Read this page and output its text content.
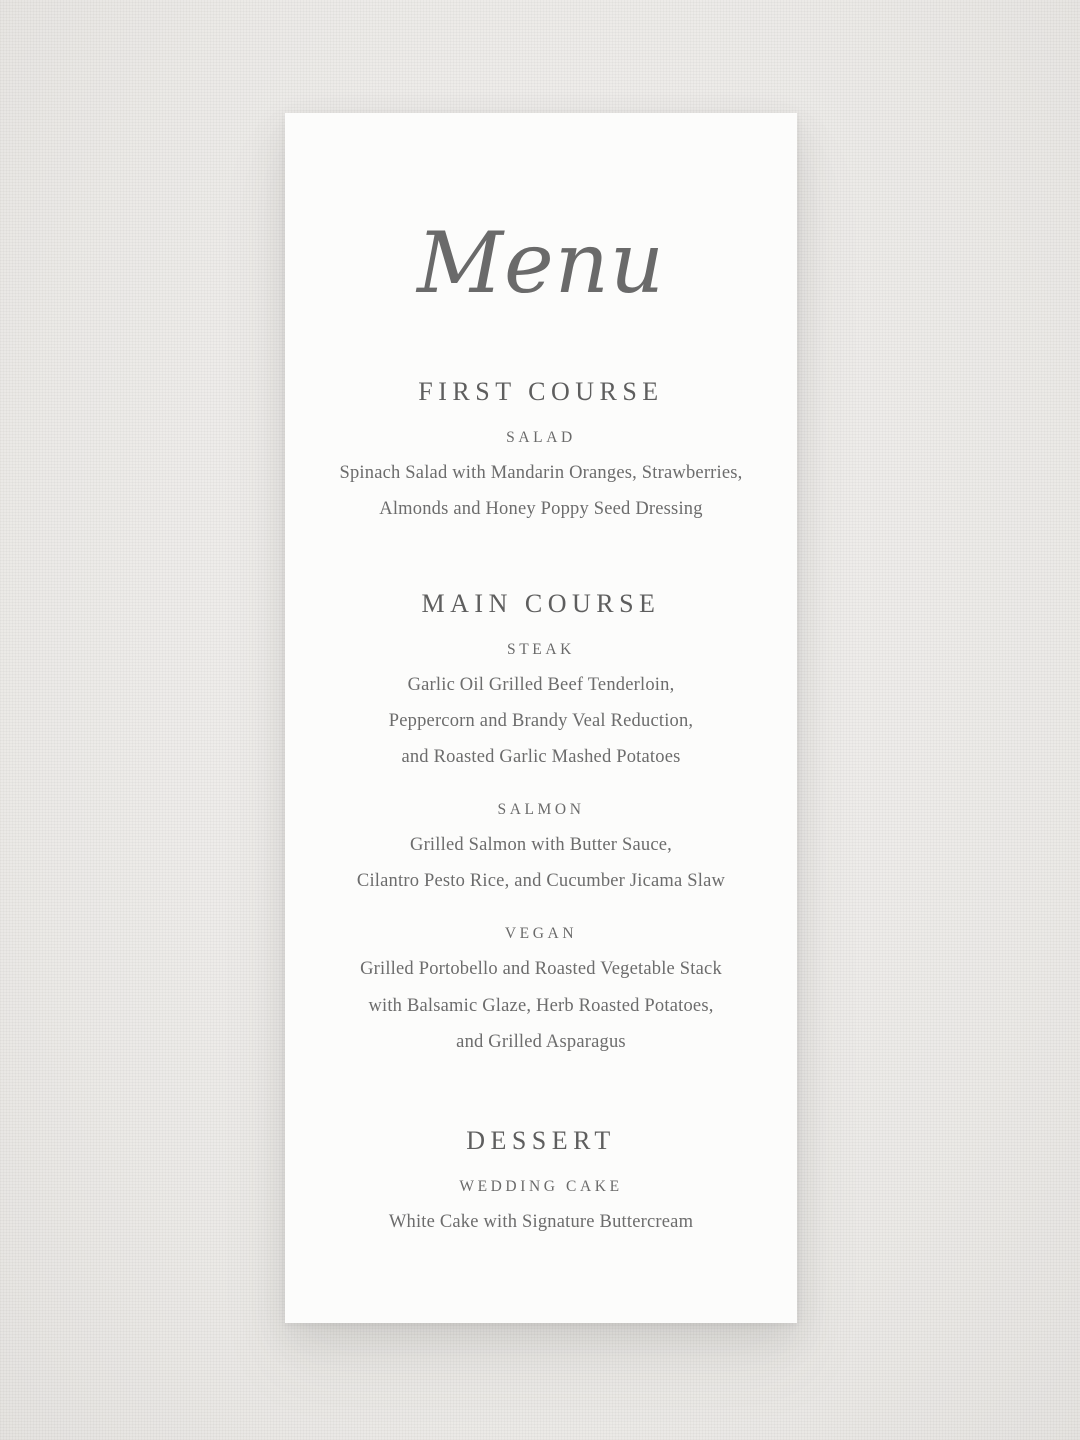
Menu
FIRST COURSE
SALAD

Spinach Salad with Mandarin Oranges, Strawberries,
Almonds and Honey Poppy Seed Dressing

MAIN COURSE
STEAK

Garlic Oil Grilled Beef Tenderloin,
Peppercorn and Brandy Veal Reduction,
and Roasted Garlic Mashed Potatoes

SALMON

Grilled Salmon with Butter Sauce,
Cilantro Pesto Rice, and Cucumber Jicama Slaw

VEGAN

Grilled Portobello and Roasted Vegetable Stack
with Balsamic Glaze, Herb Roasted Potatoes,
and Grilled Asparagus

DESSERT
WEDDING CAKE

White Cake with Signature Buttercream
